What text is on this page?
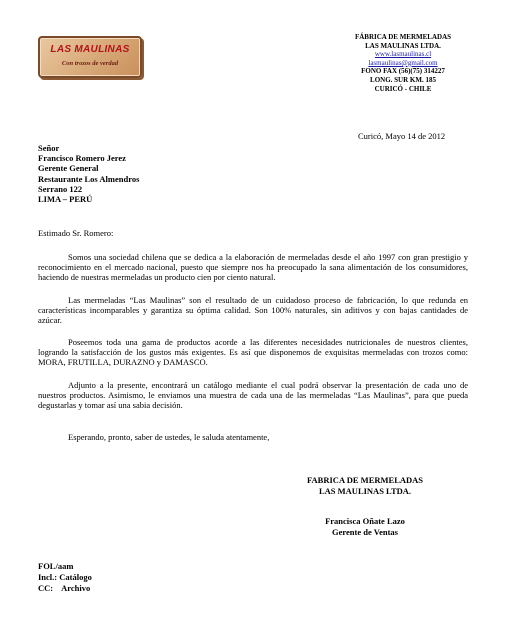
LAS MAULINAS
Con trozos de verdad
FÁBRICA DE MERMELADAS
LAS MAULINAS LTDA.
www.lasmaulinas.cl
lasmaulinas@gmail.com
FONO FAX (56)(75) 314227
LONG. SUR KM. 185
CURICÓ - CHILE
Curicó, Mayo 14 de 2012
Señor
Francisco Romero Jerez
Gerente General
Restaurante Los Almendros
Serrano 122
LIMA – PERÚ
Estimado Sr. Romero:
Somos una sociedad chilena que se dedica a la elaboración de mermeladas desde el año 1997 con gran prestigio y reconocimiento en el mercado nacional, puesto que siempre nos ha preocupado la sana alimentación de los consumidores, haciendo de nuestras mermeladas un producto cien por ciento natural.
Las mermeladas “Las Maulinas” son el resultado de un cuidadoso proceso de fabricación, lo que redunda en características incomparables y garantiza su óptima calidad. Son 100% naturales, sin aditivos y con bajas cantidades de azúcar.
Poseemos toda una gama de productos acorde a las diferentes necesidades nutricionales de nuestros clientes, logrando la satisfacción de los gustos más exigentes. Es así que disponemos de exquisitas mermeladas con trozos como: MORA, FRUTILLA, DURAZNO y DAMASCO.
Adjunto a la presente, encontrará un catálogo mediante el cual podrá observar la presentación de cada uno de nuestros productos. Asimismo, le enviamos una muestra de cada una de las mermeladas “Las Maulinas”, para que pueda degustarlas y tomar así una sabia decisión.
Esperando, pronto, saber de ustedes, le saluda atentamente,
FABRICA DE MERMELADAS
LAS MAULINAS LTDA.
Francisca Oñate Lazo
Gerente de Ventas
FOL/aam
Incl.: Catálogo
CC: Archivo
